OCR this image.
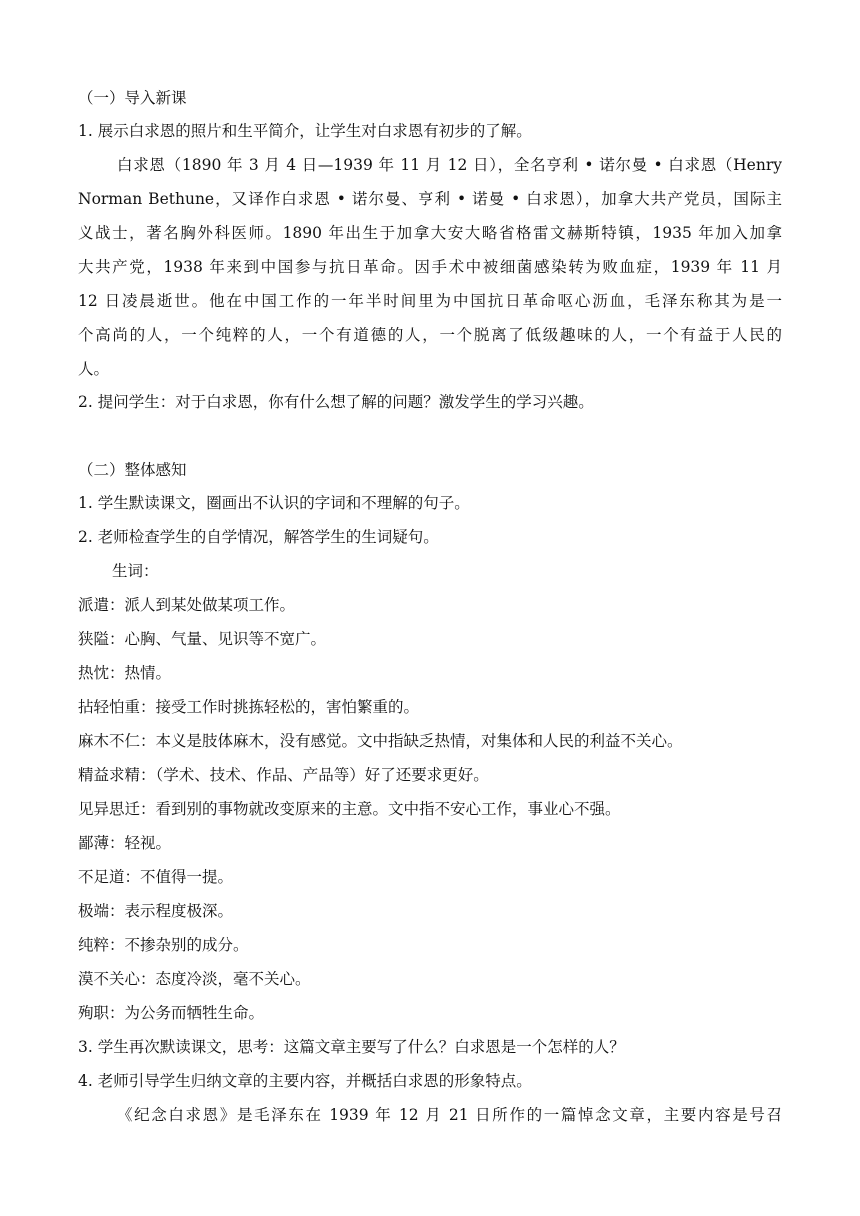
（一）导入新课
1. 展示白求恩的照片和生平简介，让学生对白求恩有初步的了解。
白求恩（1890 年 3 月 4 日—1939 年 11 月 12 日），全名亨利 • 诺尔曼 • 白求恩（Henry
Norman Bethune，又译作白求恩 • 诺尔曼、亨利 • 诺曼 • 白求恩），加拿大共产党员，国际主
义战士，著名胸外科医师。1890 年出生于加拿大安大略省格雷文赫斯特镇，1935 年加入加拿
大共产党，1938 年来到中国参与抗日革命。因手术中被细菌感染转为败血症，1939 年 11 月
12 日凌晨逝世。他在中国工作的一年半时间里为中国抗日革命呕心沥血，毛泽东称其为是一
个高尚的人，一个纯粹的人，一个有道德的人，一个脱离了低级趣味的人，一个有益于人民的
人。
2. 提问学生：对于白求恩，你有什么想了解的问题？激发学生的学习兴趣。
（二）整体感知
1. 学生默读课文，圈画出不认识的字词和不理解的句子。
2. 老师检查学生的自学情况，解答学生的生词疑句。
生词：
派遣：派人到某处做某项工作。
狭隘：心胸、气量、见识等不宽广。
热忱：热情。
拈轻怕重：接受工作时挑拣轻松的，害怕繁重的。
麻木不仁：本义是肢体麻木，没有感觉。文中指缺乏热情，对集体和人民的利益不关心。
精益求精：（学术、技术、作品、产品等）好了还要求更好。
见异思迁：看到别的事物就改变原来的主意。文中指不安心工作，事业心不强。
鄙薄：轻视。
不足道：不值得一提。
极端：表示程度极深。
纯粹：不掺杂别的成分。
漠不关心：态度冷淡，毫不关心。
殉职：为公务而牺牲生命。
3. 学生再次默读课文，思考：这篇文章主要写了什么？白求恩是一个怎样的人？
4. 老师引导学生归纳文章的主要内容，并概括白求恩的形象特点。
《纪念白求恩》是毛泽东在 1939 年 12 月 21 日所作的一篇悼念文章，主要内容是号召
